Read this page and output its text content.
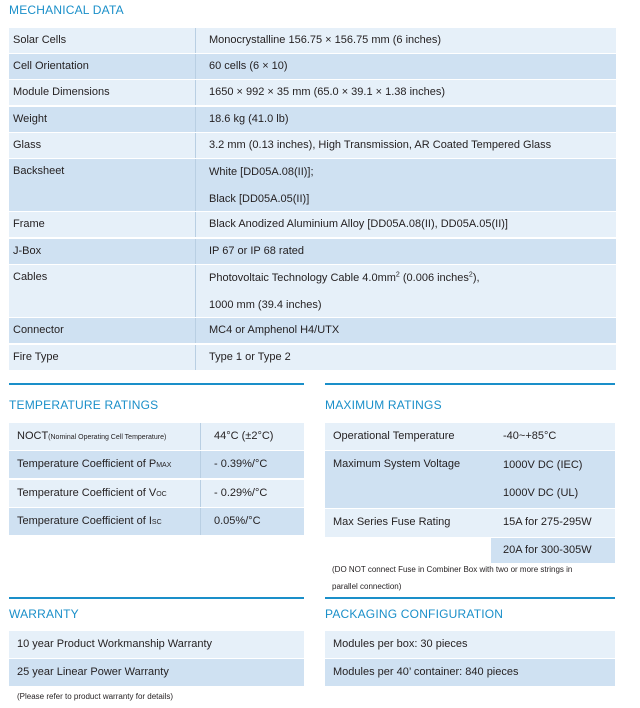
MECHANICAL DATA
Solar Cells	Monocrystalline 156.75 × 156.75 mm (6 inches)
Cell Orientation	60 cells (6 × 10)
Module Dimensions	1650 × 992 × 35 mm (65.0 × 39.1 × 1.38 inches)
Weight	18.6 kg (41.0 lb)
Glass	3.2 mm (0.13 inches), High Transmission, AR Coated Tempered Glass
Backsheet	White [DD05A.08(II)];
Black [DD05A.05(II)]
Frame	Black Anodized Aluminium Alloy [DD05A.08(II), DD05A.05(II)]
J-Box	IP 67 or IP 68 rated
Cables	Photovoltaic Technology Cable $4.0mm^2$ (0.006 inches$^2$),
1000 mm (39.4 inches)
Connector	MC4 or Amphenol H4/UTX
Fire Type	Type 1 or Type 2
TEMPERATURE RATINGS
NOCT(Nominal Operating Cell Temperature)	44°C (±2°C)
Temperature Coefficient of PMAX	- 0.39%/°C
Temperature Coefficient of VOC	- 0.29%/°C
Temperature Coefficient of ISC	0.05%/°C
MAXIMUM RATINGS
Operational Temperature	-40~+85°C
Maximum System Voltage	1000V DC (IEC)
1000V DC (UL)
Max Series Fuse Rating	15A for 275-295W
20A for 300-305W
(DO NOT connect Fuse in Combiner Box with two or more strings in
parallel connection)
WARRANTY
10 year Product Workmanship Warranty
25 year Linear Power Warranty
(Please refer to product warranty for details)
PACKAGING CONFIGURATION
Modules per box: 30 pieces
Modules per 40’ container: 840 pieces
